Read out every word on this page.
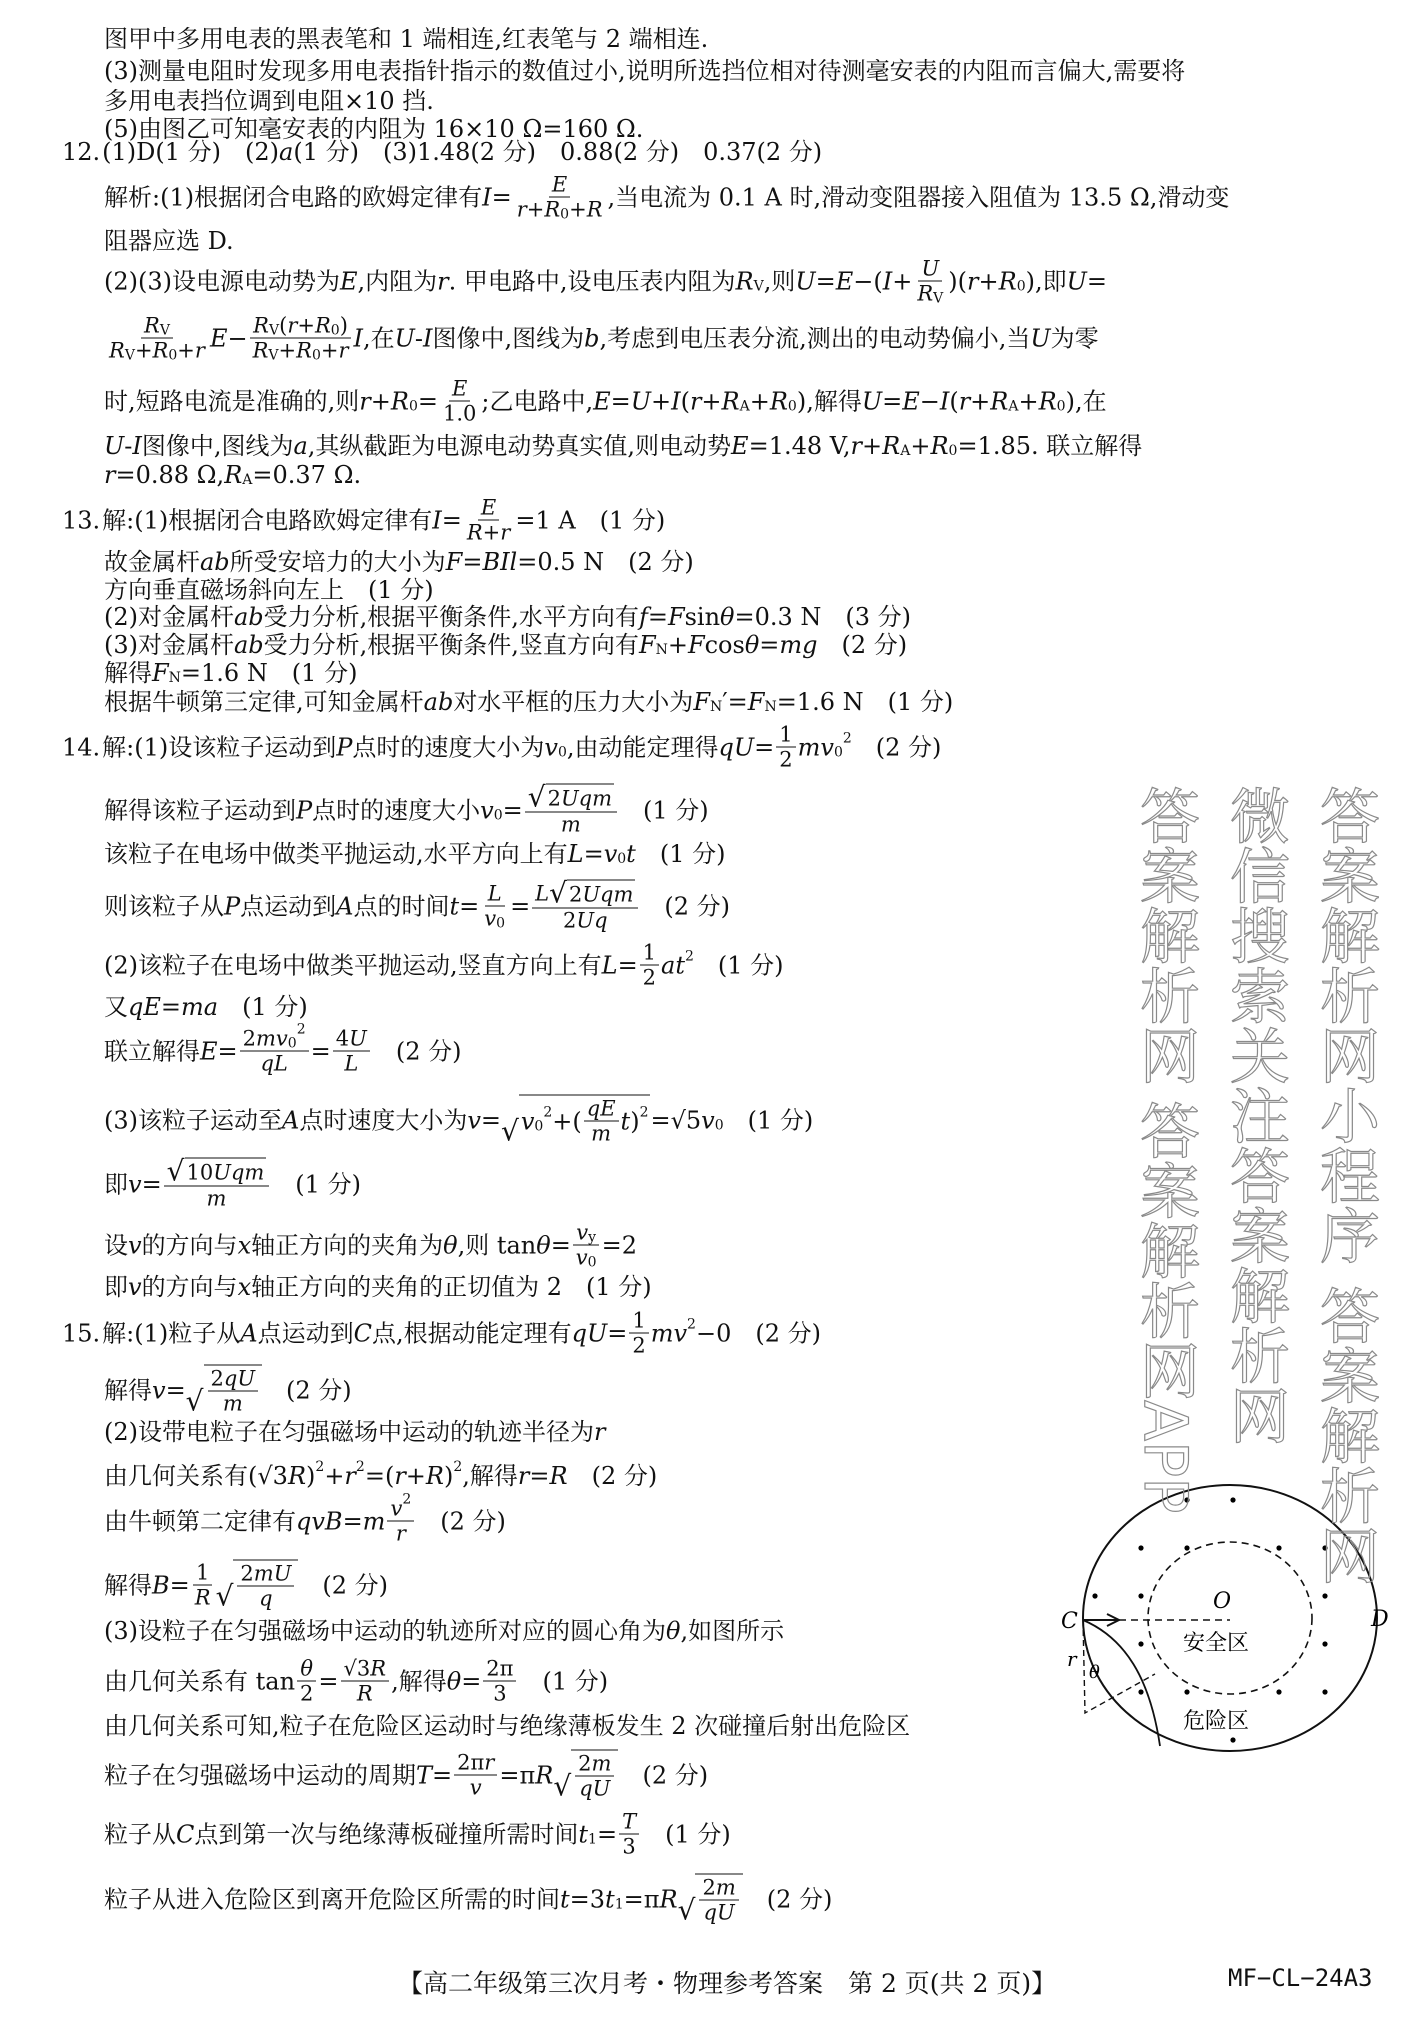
图甲中多用电表的黑表笔和 1 端相连,红表笔与 2 端相连.
(3)测量电阻时发现多用电表指针指示的数值过小,说明所选挡位相对待测毫安表的内阻而言偏大,需要将
多用电表挡位调到电阻×10 挡.
(5)由图乙可知毫安表的内阻为 16×10 Ω=160 Ω.
12. (1)D(1 分)　(2) a (1 分)　(3)1.48(2 分)　0.88(2 分)　0.37(2 分)
解析:(1)根据闭合电路的欧姆定律有 $I = \frac{E}{r + R 0 + R}$ ,当电流为 0.1 A 时,滑动变阻器接入阻值为 13.5 Ω,滑动变
阻器应选 D.
(2)(3)设电源电动势为 E ,内阻为 r . 甲电路中,设电压表内阻为 R V ,则 U = E −( $I + \frac{U}{\text{R V}}$ )( r + R 0 ),即 U =
$\frac{\text{R V}}{\text{R V + R 0 + r}}$ $E - \frac{\text{R V ( r + R 0 )}}{\text{R V + R 0 + r}}$ I ,在 U - I 图像中,图线为 b ,考虑到电压表分流,测出的电动势偏小,当 U 为零
时,短路电流是准确的,则 r + R $0 = \frac{E}{1.0}$ ;乙电路中, E = U + I ( r + R A + R 0 ),解得 U = E − I ( r + R A + R 0 ),在
U - I 图像中,图线为 a ,其纵截距为电源电动势真实值,则电动势 E =1.48 V, r + R A + R 0 =1.85. 联立解得
r =0.88 Ω, R A =0.37 Ω.
13. 解:(1)根据闭合电路欧姆定律有 $I = \frac{E}{R + r} =1$ A　(1 分)
故金属杆 ab 所受安培力的大小为 F = BIl =0.5 N　(2 分)
方向垂直磁场斜向左上　(1 分)
(2)对金属杆 ab 受力分析,根据平衡条件,水平方向有 f = F sin θ =0.3 N　(3 分)
(3)对金属杆 ab 受力分析,根据平衡条件,竖直方向有 F N + F cos θ = mg 　(2 分)
解得 F N =1.6 N　(1 分)
根据牛顿第三定律,可知金属杆 ab 对水平框的压力大小为 F N ′= F N =1.6 N　(1 分)
14. 解:(1)设该粒子运动到 P 点时的速度大小为 v 0 ,由动能定理得 qU = $\frac{1}{2}$ mv 0
2 　(2 分)
解得该粒子运动到 P 点时的速度大小 v $0 = \frac{\text{√ 2 Uqm}}{m}$ 　(1 分)
该粒子在电场中做类平抛运动,水平方向上有 L = v 0 t 　(1 分)
则该粒子从 P 点运动到 A 点的时间 $t = \frac{L}{v 0} = \frac{\text{L √ 2 Uqm}}{2 Uq}$ 　(2 分)
(2)该粒子在电场中做类平抛运动,竖直方向上有 $L = \frac{1}{2}$ at 2 　(1 分)
又 qE = ma 　(1 分)
联立解得 E = 2 mv 0
2
qL = $\frac{4 U}{L}$ 　(2 分)
(3)该粒子运动至 A 点时速度大小为 v = √ v 0
2 +( $\frac{qE}{m}$ t ) 2 =√5 v 0 　(1 分)
即 $v = \frac{\text{√ 10 Uqm}}{m}$ 　(1 分)
设 v 的方向与 x 轴正方向的夹角为 θ ,则 $\tan \theta = \frac{\text{v y}}{v 0} =2$
即 v 的方向与 x 轴正方向的夹角的正切值为 2　(1 分)
15. 解:(1)粒子从 A 点运动到 C 点,根据动能定理有 qU = $\frac{1}{2}$ mv 2 −0　(2 分)
解得 v = √ $\frac{2 qU}{m}$ 　(2 分)
(2)设带电粒子在匀强磁场中运动的轨迹半径为 r
由几何关系有(√3 R ) 2 + r 2 =( r + R ) 2 ,解得 r = R 　(2 分)
由牛顿第二定律有 qvB = m $\frac{v 2}{r}$ 　(2 分)
解得 $B = \frac{1}{R}$ √ $\frac{2 mU}{q}$ 　(2 分)
(3)设粒子在匀强磁场中运动的轨迹所对应的圆心角为 θ ,如图所示
由几何关系有 $\tan \frac{\theta}{2} = \frac{√3 R}{R}$ ,解得 $\theta = \frac{2\pi}{3}$ 　(1 分)
由几何关系可知,粒子在危险区运动时与绝缘薄板发生 2 次碰撞后射出危险区
粒子在匀强磁场中运动的周期 $T = \frac{\text{2π r}}{v} =\pi$ R √ $\frac{2 m}{qU}$ 　(2 分)
粒子从 C 点到第一次与绝缘薄板碰撞所需时间 t $1 = \frac{T}{3}$ 　(1 分)
粒子从进入危险区到离开危险区所需的时间 t =3 t 1 =π R √ $\frac{2 m}{qU}$ 　(2 分)
C	D
O
r
θ
安全区
危险区
【高二年级第三次月考・物理参考答案　第 2 页(共 2 页)】	MF−CL−24A3
答案解析网
答案解析网APP 答案解析网
微信搜索关注答案解析网 答案解析网小程序
